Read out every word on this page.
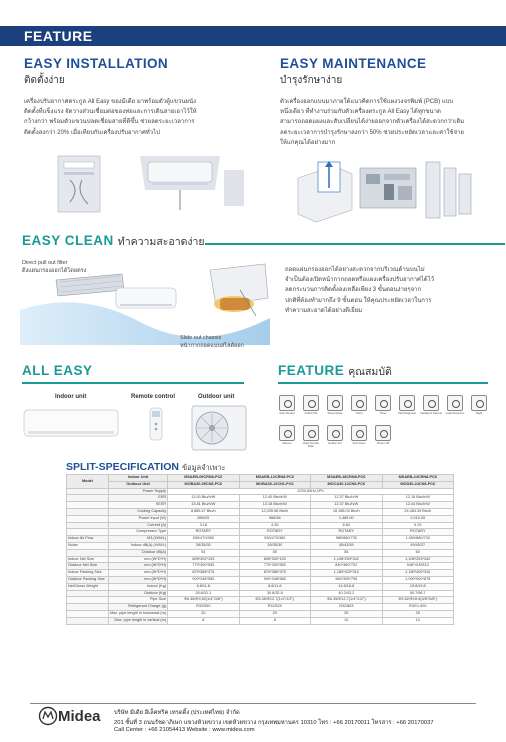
FEATURE
EASY INSTALLATION
ติดตั้งง่าย
เครื่องปรับอากาศตระกูล All Easy ของมีเดีย มาพร้อมตัวตู้แขวนผนัง
ติดตั้งที่แข็งแรง จัดวางส่วนเชื่อมต่อของท่อและการเดินสายเอาไว้ให้
กว้างกว่า พร้อมตัวแขวนปลดเชื่อมสายที่ดีขึ้น ช่วยลดระยะเวลาการ
ติดตั้งลงกว่า 20% เมื่อเทียบกับเครื่องปรับอากาศทั่วไป
EASY MAINTENANCE
บำรุงรักษาง่าย
ตัวเครื่องออกแบบมาภายใต้แนวคิดการใช้แผงวงจรพิมพ์ (PCB) แบบ
หนึ่งเดียว ที่ทำงานร่วมกับตัวเครื่องตระกูล All Easy ได้ทุกขนาด
สามารถถอดแผงและสับเปลี่ยนได้ง่ายออกจากตัวเครื่องได้สะดวกกว่าเดิม
ลดระยะเวลาการบำรุงรักษาลงกว่า 50% ช่วยประหยัดเวลาและค่าใช้จ่าย
ให้แก่คุณได้อย่างมาก
EASY CLEAN ทำความสะอาดง่าย
Direct pull out filter
ดึงแผ่นกรองออกได้โดยตรง
Slide out chassis
หน้ากากถอดแบบสไลด์ออก
ถอดแผ่นกรองออกได้อย่างสะดวกจากบริเวณด้านบนไม่
จำเป็นต้องเปิดหน้ากากถอดหรือแผงเครื่องปรับอากาศได้ไว้
ลดกระบวนการติดตั้งลงเหลือเพียง 3 ขั้นตอนง่ายๆจาก
ปกติที่ต้องทำมากถึง 9 ขั้นตอน ให้คุณประหยัดเวลาในการ
ทำความสะอาดได้อย่างดีเยี่ยม
ALL EASY
Indoor unit	Remote control	Outdoor unit
FEATURE คุณสมบัติ
Auto Restart	Follow Me	Sleep Mode	Turbo	Timer	Self Diagnosis	Intelligent Defrost	Leak Detection	Night
Silence	High Density Filter
Golden Fin	Self Clean	Power Off
SPLIT-SPECIFICATION ข้อมูลจำเพาะ
Model	Indoor Unit	MSAEB-09CRN8-PC6	MSAEB-12CRN8-PC6	MSAEB-18CRN8-PC6	MSAEB-24CRN8-PC6
	Outdoor Unit	MOBA30-09CN8-PC6	MOBA30-12CN1-PC6	MOCA30-12CN8-PC6	MOD30-24CN8-PC6
	Power Supply	220V,50Hz,1Ph			
	EER	13.00 Btu/h/W	12.40 Btu/h/W	12.37 Btu/h/W	12.18 Btu/h/W
	SEER	13.81 Btu/h/W	13.18 Btu/h/W	12.37 Btu/h/W	12.44 Btu/h/W
	Cooling Capacity	8,885.47 Btu/h	12,035.98 Btu/h	18,188.03 Btu/h	24,484.39 Btu/h
	Power Input (W)	869/25	968/36	1,485.00	2,010.05
	Current (A)	3.18	4.35	6.84	9.29
	Compressor Type	ROTARY	ROTARY	ROTARY	ROTARY
Indoor Air Flow	M3 (H/M/L)	530/470/380	530/470/380	980/880/730	1,050/880/730
Noise	Indoor dB(A) (H/M/L)	39/35/30	39/35/30	45/43/39	49/45/37
	Outdoor dB(A)	54	55	56	60
Indoor Net Size	mm (W*D*H)	805*302*193	805*302*193	1,108*253*342	1,108*253*342
Outdoor Net Size	mm (W*D*H)	770*300*555	770*300*555	840*360*702	948*415*810
Indoor Packing Size	mm (W*D*H)	870*385*375	870*385*375	1,180*420*310	1,180*400*310
Outdoor Packing Size	mm (W*D*H)	900*348*585	900*348*585	965*395*755	1,090*500*875
Net/Gross Weight	Indoor (Kg)	8.8/11.8	8.8/11.8	14.5/18.8	15.8/19.8
	Outdoor (Kg)	28.8/31.1	30.8/32.8	40.2/43.2	50.7/56.7
	Pipe Size	Φ6.35/Φ9.52(1/4"/3/8")	Φ6.35/Φ12.7(1/4"/1/2")	Φ6.35/Φ12.7(1/4"/1/2")	Φ9.52/Φ15.9(3/8"/5/8")
	Refrigerant Charge (g)	R32/550	R32/620	R32/863	R32/1,500
	Max. pipe length in horizontal (m)	20	20	25	25
	Max. pipe length in vertical (m)	8	8	10	10
Midea บริษัท มีเดีย อีเล็คทริค เทรดดิ้ง (ประเทศไทย) จำกัด
201 ชั้นที่ 3 ถนนรัชดาภิเษก แขวงห้วยขวาง เขตห้วยขวาง กรุงเทพมหานคร 10310 โทร : +66 20170011 โทรสาร : +66 20170037
Call Center : +66 21054413 Website : www.midea.com
